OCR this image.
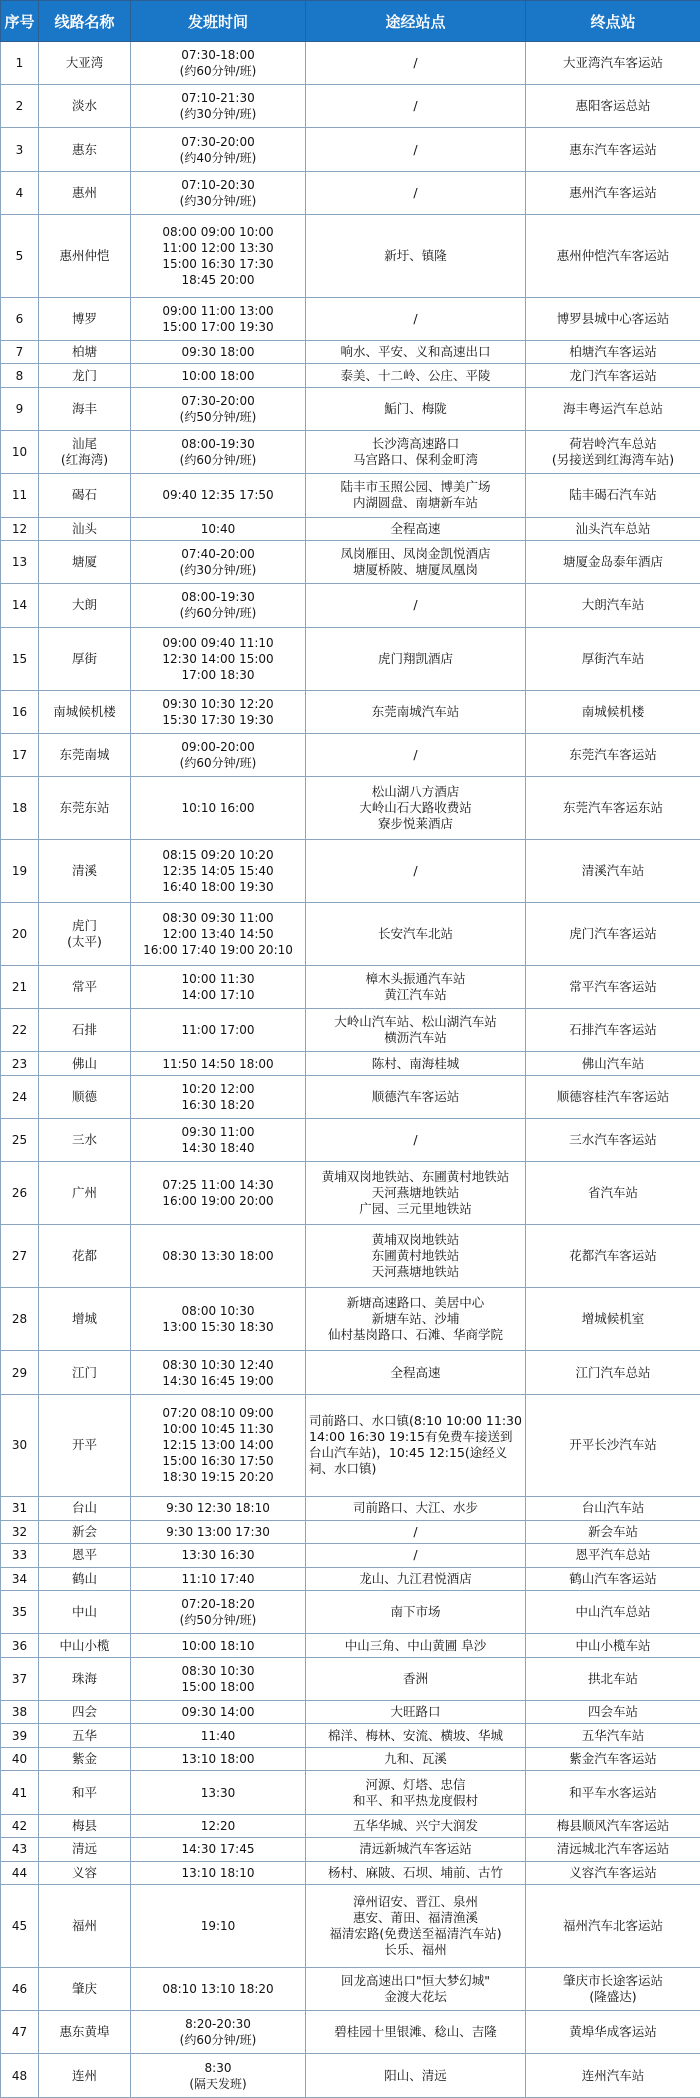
序号	线路名称	发班时间	途经站点	终点站
1	大亚湾	07:30-18:00
(约60分钟/班)	/	大亚湾汽车客运站
2	淡水	07:10-21:30
(约30分钟/班)	/	惠阳客运总站
3	惠东	07:30-20:00
(约40分钟/班)	/	惠东汽车客运站
4	惠州	07:10-20:30
(约30分钟/班)	/	惠州汽车客运站
5	惠州仲恺	08:00 09:00 10:00
11:00 12:00 13:30
15:00 16:30 17:30
18:45 20:00	新圩、镇隆	惠州仲恺汽车客运站
6	博罗	09:00 11:00 13:00
15:00 17:00 19:30	/	博罗县城中心客运站
7	柏塘	09:30 18:00	响水、平安、义和高速出口	柏塘汽车客运站
8	龙门	10:00 18:00	泰美、十二岭、公庄、平陵	龙门汽车客运站
9	海丰	07:30-20:00
(约50分钟/班)	鮜门、梅陇	海丰粤运汽车总站
10	汕尾
(红海湾)	08:00-19:30
(约60分钟/班)	长沙湾高速路口
马宫路口、保利金町湾	荷岩岭汽车总站
(另接送到红海湾车站)
11	碣石	09:40 12:35 17:50	陆丰市玉照公园、博美广场
内湖圆盘、南塘新车站	陆丰碣石汽车站
12	汕头	10:40	全程高速	汕头汽车总站
13	塘厦	07:40-20:00
(约30分钟/班)	凤岗雁田、凤岗金凯悦酒店
塘厦桥陂、塘厦凤凰岗	塘厦金岛泰年酒店
14	大朗	08:00-19:30
(约60分钟/班)	/	大朗汽车站
15	厚街	09:00 09:40 11:10
12:30 14:00 15:00
17:00 18:30	虎门翔凯酒店	厚街汽车站
16	南城候机楼	09:30 10:30 12:20
15:30 17:30 19:30	东莞南城汽车站	南城候机楼
17	东莞南城	09:00-20:00
(约60分钟/班)	/	东莞汽车客运站
18	东莞东站	10:10 16:00	松山湖八方酒店
大岭山石大路收费站
寮步悦莱酒店	东莞汽车客运东站
19	清溪	08:15 09:20 10:20
12:35 14:05 15:40
16:40 18:00 19:30	/	清溪汽车站
20	虎门
(太平)	08:30 09:30 11:00
12:00 13:40 14:50
16:00 17:40 19:00 20:10	长安汽车北站	虎门汽车客运站
21	常平	10:00 11:30
14:00 17:10	樟木头振通汽车站
黄江汽车站	常平汽车客运站
22	石排	11:00 17:00	大岭山汽车站、松山湖汽车站
横沥汽车站	石排汽车客运站
23	佛山	11:50 14:50 18:00	陈村、南海桂城	佛山汽车站
24	顺德	10:20 12:00
16:30 18:20	顺德汽车客运站	顺德容桂汽车客运站
25	三水	09:30 11:00
14:30 18:40	/	三水汽车客运站
26	广州	07:25 11:00 14:30
16:00 19:00 20:00	黄埔双岗地铁站、东圃黄村地铁站
天河燕塘地铁站
广园、三元里地铁站	省汽车站
27	花都	08:30 13:30 18:00	黄埔双岗地铁站
东圃黄村地铁站
天河燕塘地铁站	花都汽车客运站
28	增城	08:00 10:30
13:00 15:30 18:30	新塘高速路口、美居中心
新塘车站、沙埔
仙村基岗路口、石滩、华商学院	增城候机室
29	江门	08:30 10:30 12:40
14:30 16:45 19:00	全程高速	江门汽车总站
30	开平	07:20 08:10 09:00
10:00 10:45 11:30
12:15 13:00 14:00
15:00 16:30 17:50
18:30 19:15 20:20	司前路口、水口镇(8:10 10:00 11:30 14:00 16:30 19:15有免费车接送到台山汽车站)，10:45 12:15(途经义祠、水口镇)	开平长沙汽车站
31	台山	9:30 12:30 18:10	司前路口、大江、水步	台山汽车站
32	新会	9:30 13:00 17:30	/	新会车站
33	恩平	13:30 16:30	/	恩平汽车总站
34	鹤山	11:10 17:40	龙山、九江君悦酒店	鹤山汽车客运站
35	中山	07:20-18:20
(约50分钟/班)	南下市场	中山汽车总站
36	中山小榄	10:00 18:10	中山三角、中山黄圃 阜沙	中山小榄车站
37	珠海	08:30 10:30
15:00 18:00	香洲	拱北车站
38	四会	09:30 14:00	大旺路口	四会车站
39	五华	11:40	棉洋、梅林、安流、横坡、华城	五华汽车站
40	紫金	13:10 18:00	九和、瓦溪	紫金汽车客运站
41	和平	13:30	河源、灯塔、忠信
和平、和平热龙度假村	和平车水客运站
42	梅县	12:20	五华华城、兴宁大润发	梅县顺风汽车客运站
43	清远	14:30 17:45	清远新城汽车客运站	清远城北汽车客运站
44	义容	13:10 18:10	杨村、麻陂、石坝、埔前、古竹	义容汽车客运站
45	福州	19:10	漳州诏安、晋江、泉州
惠安、莆田、福清渔溪
福清宏路(免费送至福清汽车站)
长乐、福州	福州汽车北客运站
46	肇庆	08:10 13:10 18:20	回龙高速出口"恒大梦幻城"
金渡大花坛	肇庆市长途客运站
(隆盛达)
47	惠东黄埠	8:20-20:30
(约60分钟/班)	碧桂园十里银滩、稔山、吉隆	黄埠华成客运站
48	连州	8:30
(隔天发班)	阳山、清远	连州汽车站
